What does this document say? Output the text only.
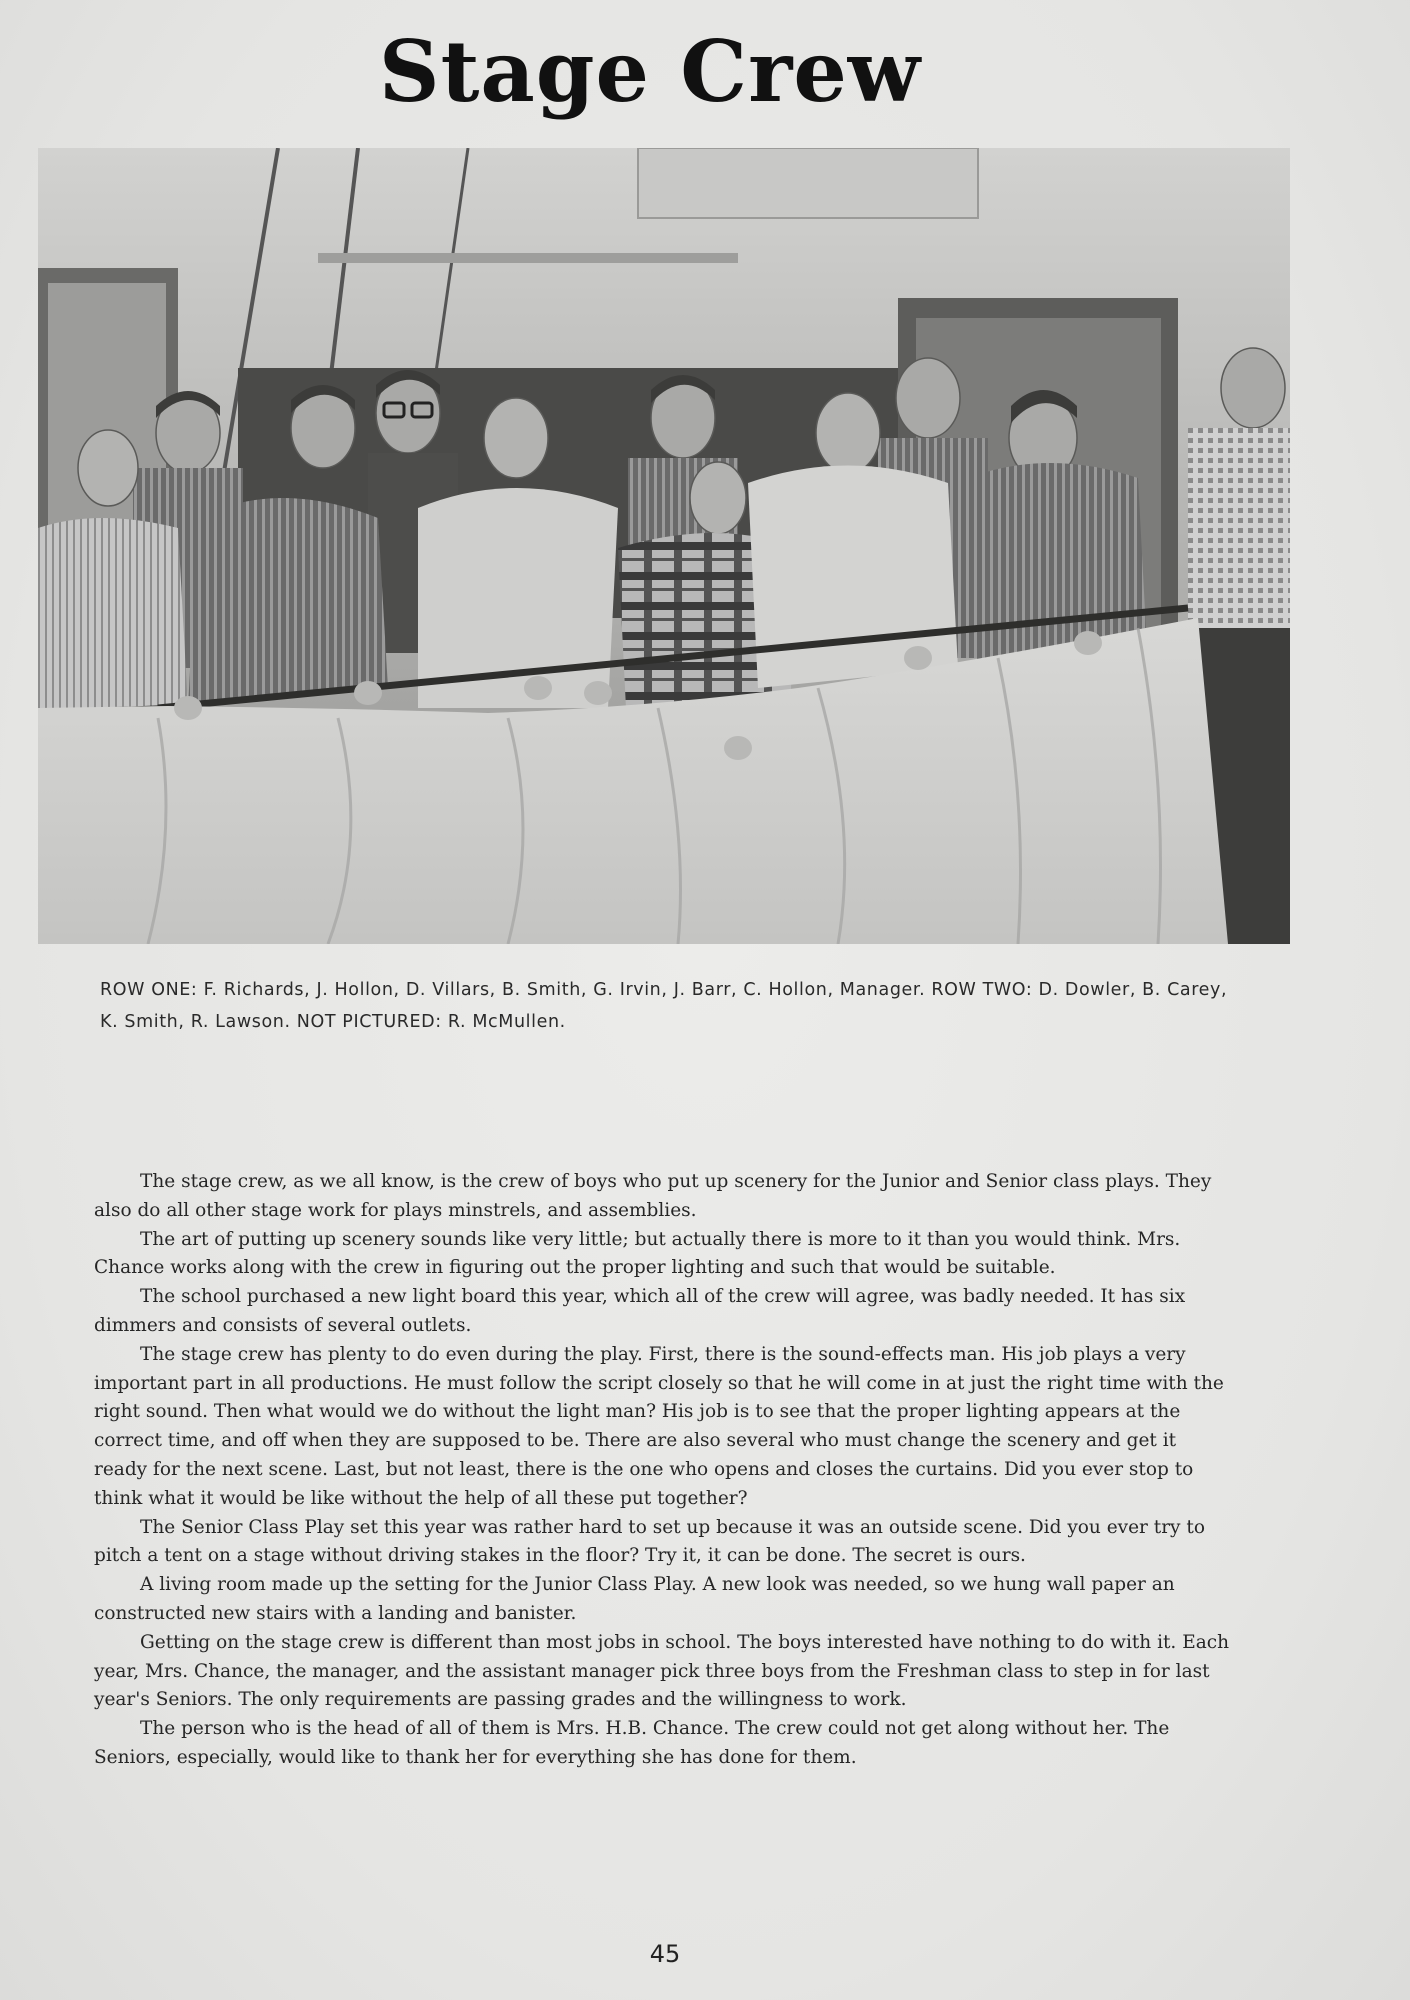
Stage Crew
ROW ONE: F. Richards, J. Hollon, D. Villars, B. Smith, G. Irvin, J. Barr, C. Hollon, Manager. ROW TWO: D. Dowler, B. Carey, K. Smith, R. Lawson. NOT PICTURED: R. McMullen.

The stage crew, as we all know, is the crew of boys who put up scenery for the Junior and Senior class plays. They also do all other stage work for plays minstrels, and assemblies.

The art of putting up scenery sounds like very little; but actually there is more to it than you would think. Mrs. Chance works along with the crew in figuring out the proper lighting and such that would be suitable.

The school purchased a new light board this year, which all of the crew will agree, was badly needed. It has six dimmers and consists of several outlets.

The stage crew has plenty to do even during the play. First, there is the sound-effects man. His job plays a very important part in all productions. He must follow the script closely so that he will come in at just the right time with the right sound. Then what would we do without the light man? His job is to see that the proper lighting appears at the correct time, and off when they are supposed to be. There are also several who must change the scenery and get it ready for the next scene. Last, but not least, there is the one who opens and closes the curtains. Did you ever stop to think what it would be like without the help of all these put together?

The Senior Class Play set this year was rather hard to set up because it was an outside scene. Did you ever try to pitch a tent on a stage without driving stakes in the floor? Try it, it can be done. The secret is ours.

A living room made up the setting for the Junior Class Play. A new look was needed, so we hung wall paper an constructed new stairs with a landing and banister.

Getting on the stage crew is different than most jobs in school. The boys interested have nothing to do with it. Each year, Mrs. Chance, the manager, and the assistant manager pick three boys from the Freshman class to step in for last year's Seniors. The only requirements are passing grades and the willingness to work.

The person who is the head of all of them is Mrs. H.B. Chance. The crew could not get along without her. The Seniors, especially, would like to thank her for everything she has done for them.

45
